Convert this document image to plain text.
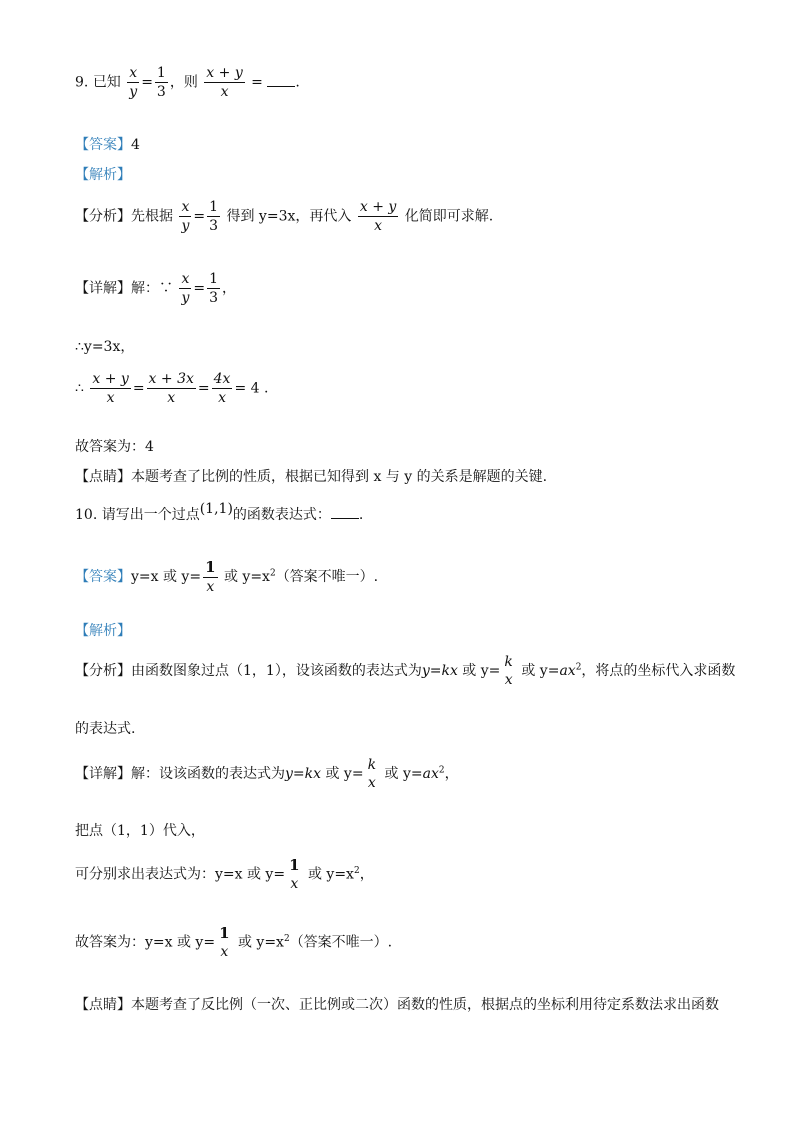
9. 已知 $\frac{x}{y} = \frac{1}{3}$ ，则 $\frac{x + y}{x}$ = .
【答案】4
【解析】
【分析】先根据 $\frac{x}{y} = \frac{1}{3}$ 得到 y=3x，再代入 $\frac{x + y}{x}$ 化简即可求解.
【详解】解：∵ $\frac{x}{y} = \frac{1}{3}$ ，
∴y=3x，
∴ $\frac{x + y}{x} = \frac{x + 3x}{x} = \frac{4x}{x} = 4$ .
故答案为：4
【点睛】本题考查了比例的性质，根据已知得到 x 与 y 的关系是解题的关键.
10. 请写出一个过点(1,1)的函数表达式： .
【答案】y=x 或 $y= \frac{1}{x}$ 或 $y=x^2$（答案不唯一）.
【解析】
【分析】由函数图象过点（1，1），设该函数的表达式为y=kx 或 y=
k
x
或 $y=ax^2$，将点的坐标代入求函数
的表达式.
【详解】解：设该函数的表达式为y=kx 或 y=
k
x
或 $y=ax^2$，
把点（1，1）代入，
可分别求出表达式为：y=x 或 y=
1
x
或 $y=x^2$，
故答案为：y=x 或 y=
1
x
或 $y=x^2$（答案不唯一）.
【点睛】本题考查了反比例（一次、正比例或二次）函数的性质，根据点的坐标利用待定系数法求出函数
